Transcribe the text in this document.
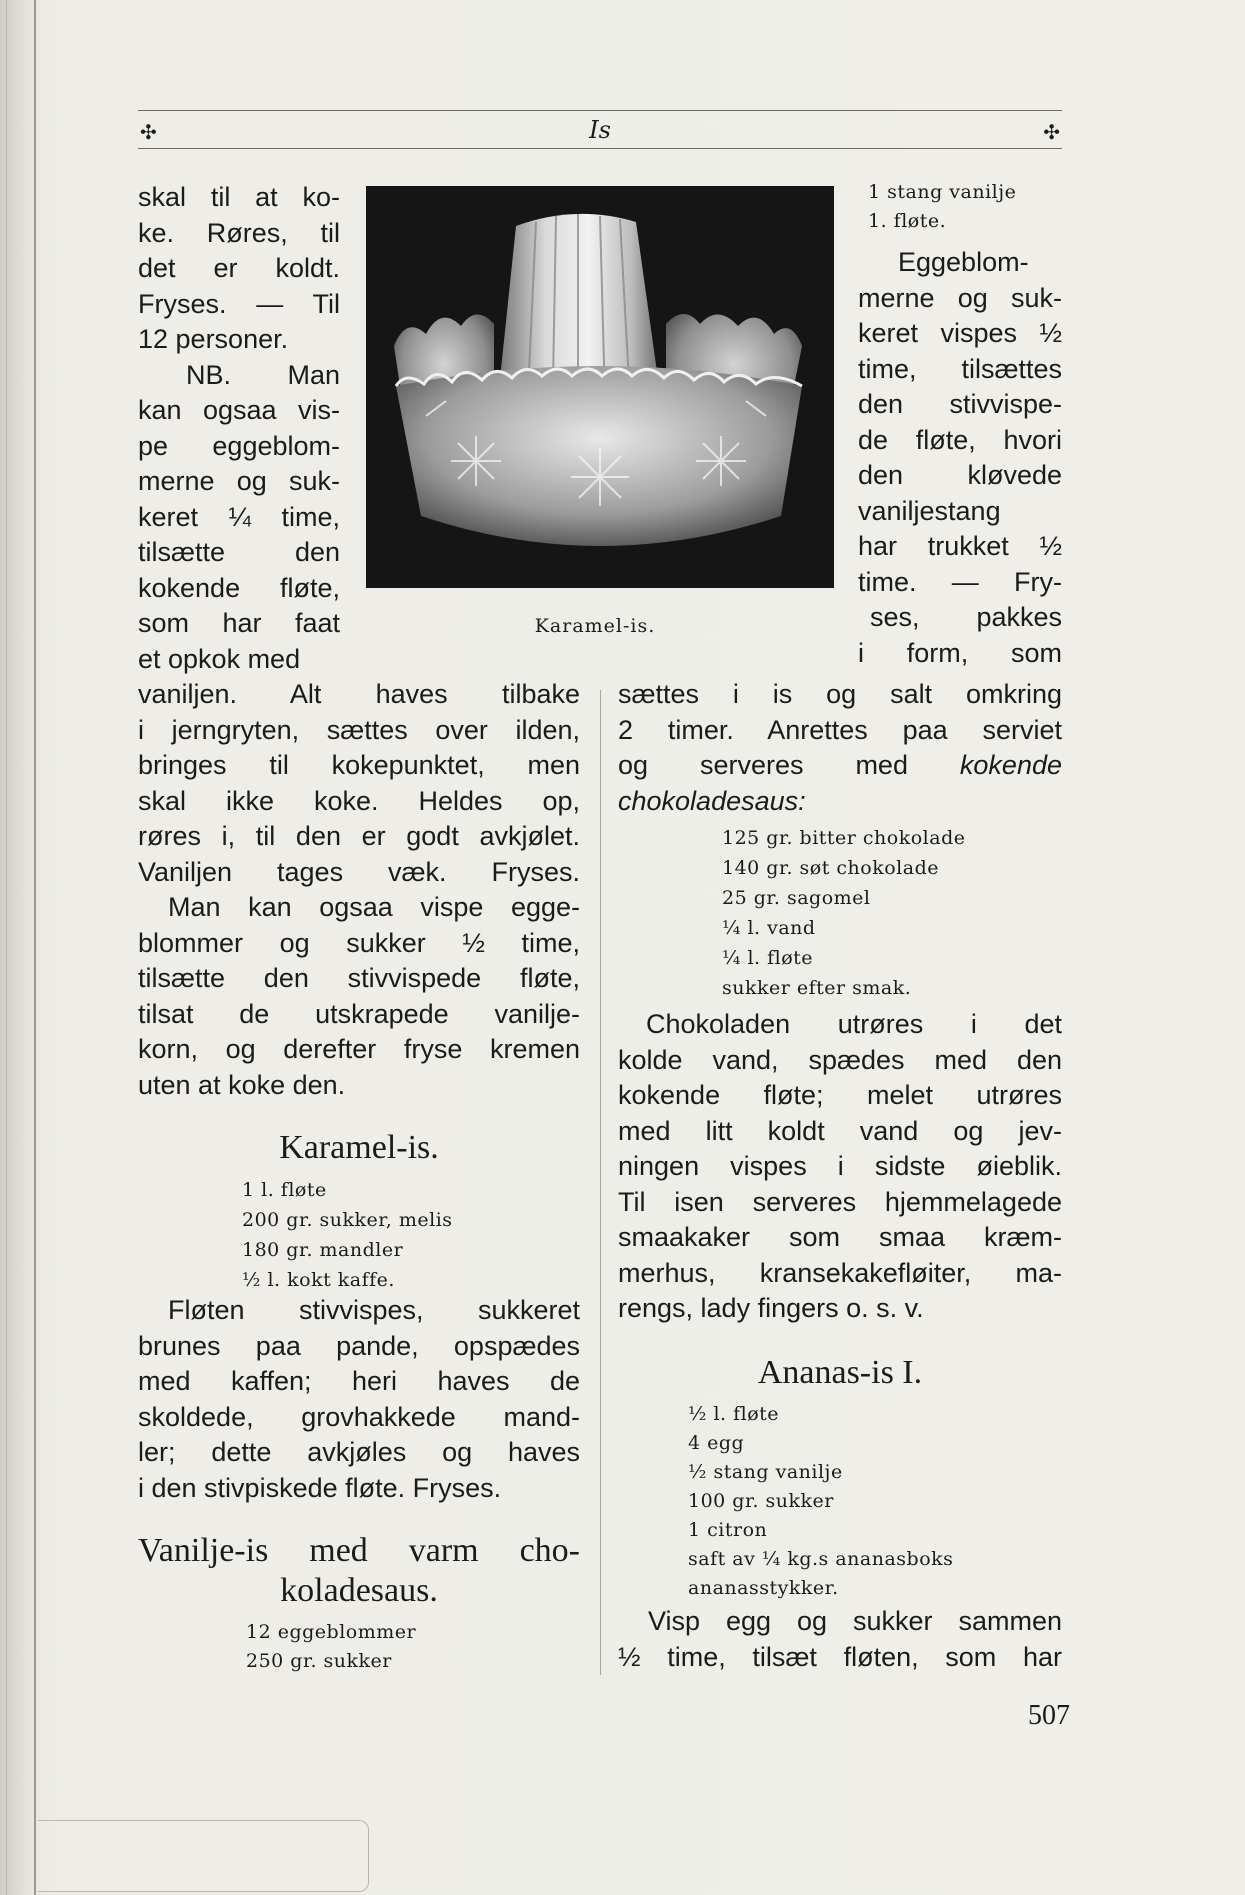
✣	Is	✣
Karamel-is.

skal til at ko-

ke. Røres, til

det er koldt.

Fryses. — Til

12 personer.

NB. Man

kan ogsaa vis-

pe eggeblom-

merne og suk-

keret ¼ time,

tilsætte den

kokende fløte,

som har faat

et opkok med

vaniljen. Alt haves tilbake

i jerngryten, sættes over ilden,

bringes til kokepunktet, men

skal ikke koke. Heldes op,

røres i, til den er godt avkjølet.

Vaniljen tages væk. Fryses.

Man kan ogsaa vispe egge-

blommer og sukker ½ time,

tilsætte den stivvispede fløte,

tilsat de utskrapede vanilje-

korn, og derefter fryse kremen

uten at koke den.

Karamel-is.

1 l. fløte

200 gr. sukker, melis

180 gr. mandler

½ l. kokt kaffe.

Fløten stivvispes, sukkeret

brunes paa pande, opspædes

med kaffen; heri haves de

skoldede, grovhakkede mand-

ler; dette avkjøles og haves

i den stivpiskede fløte. Fryses.

Vanilje-is med varm cho-
koladesaus.

12 eggeblommer

250 gr. sukker

1 stang vanilje

1. fløte.

Eggeblom-

merne og suk-

keret vispes ½

time, tilsættes

den stivvispe-

de fløte, hvori

den kløvede

vaniljestang

har trukket ½

time. — Fry-

ses, pakkes

i form, som

sættes i is og salt omkring

2 timer. Anrettes paa serviet

og serveres med kokende

chokoladesaus:

125 gr. bitter chokolade

140 gr. søt chokolade

25 gr. sagomel

¼ l. vand

¼ l. fløte

sukker efter smak.

Chokoladen utrøres i det

kolde vand, spædes med den

kokende fløte; melet utrøres

med litt koldt vand og jev-

ningen vispes i sidste øieblik.

Til isen serveres hjemmelagede

smaakaker som smaa kræm-

merhus, kransekakefløiter, ma-

rengs, lady fingers o. s. v.

Ananas-is I.

½ l. fløte

4 egg

½ stang vanilje

100 gr. sukker

1 citron

saft av ¼ kg.s ananasboks

ananasstykker.

Visp egg og sukker sammen

½ time, tilsæt fløten, som har

507
